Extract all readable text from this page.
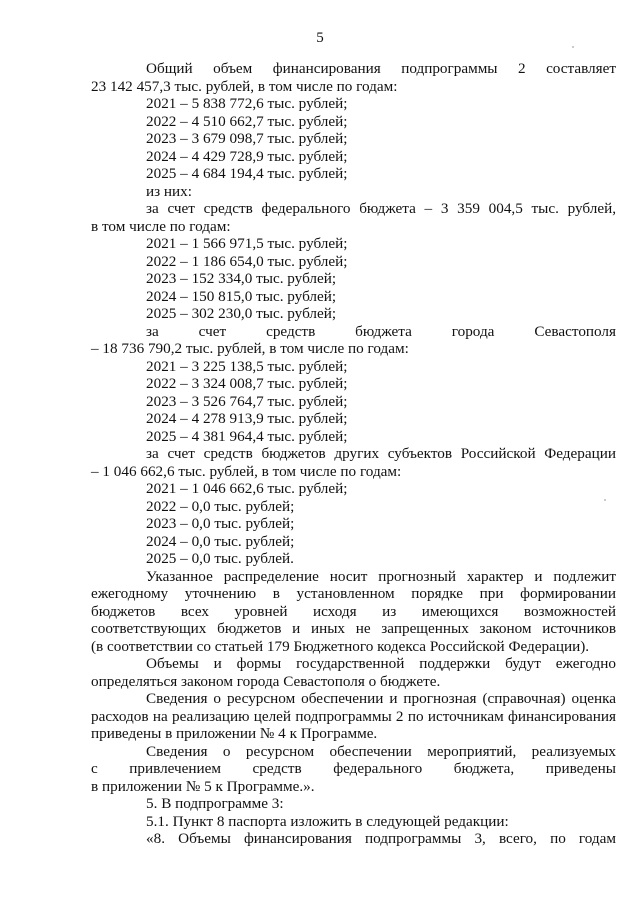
5
Общий объем финансирования подпрограммы 2 составляет
23 142 457,3 тыс. рублей, в том числе по годам:
2021 – 5 838 772,6 тыс. рублей;
2022 – 4 510 662,7 тыс. рублей;
2023 – 3 679 098,7 тыс. рублей;
2024 – 4 429 728,9 тыс. рублей;
2025 – 4 684 194,4 тыс. рублей;
из них:
за счет средств федерального бюджета – 3 359 004,5 тыс. рублей,
в том числе по годам:
2021 – 1 566 971,5 тыс. рублей;
2022 – 1 186 654,0 тыс. рублей;
2023 – 152 334,0 тыс. рублей;
2024 – 150 815,0 тыс. рублей;
2025 – 302 230,0 тыс. рублей;
за счет средств бюджета города Севастополя
– 18 736 790,2 тыс. рублей, в том числе по годам:
2021 – 3 225 138,5 тыс. рублей;
2022 – 3 324 008,7 тыс. рублей;
2023 – 3 526 764,7 тыс. рублей;
2024 – 4 278 913,9 тыс. рублей;
2025 – 4 381 964,4 тыс. рублей;
за счет средств бюджетов других субъектов Российской Федерации
– 1 046 662,6 тыс. рублей, в том числе по годам:
2021 – 1 046 662,6 тыс. рублей;
2022 – 0,0 тыс. рублей;
2023 – 0,0 тыс. рублей;
2024 – 0,0 тыс. рублей;
2025 – 0,0 тыс. рублей.
Указанное распределение носит прогнозный характер и подлежит
ежегодному уточнению в установленном порядке при формировании
бюджетов всех уровней исходя из имеющихся возможностей
соответствующих бюджетов и иных не запрещенных законом источников
(в соответствии со статьей 179 Бюджетного кодекса Российской Федерации).
Объемы и формы государственной поддержки будут ежегодно
определяться законом города Севастополя о бюджете.
Сведения о ресурсном обеспечении и прогнозная (справочная) оценка
расходов на реализацию целей подпрограммы 2 по источникам финансирования
приведены в приложении № 4 к Программе.
Сведения о ресурсном обеспечении мероприятий, реализуемых
с привлечением средств федерального бюджета, приведены
в приложении № 5 к Программе.».
5. В подпрограмме 3:
5.1. Пункт 8 паспорта изложить в следующей редакции:
«8. Объемы финансирования подпрограммы 3, всего, по годам
